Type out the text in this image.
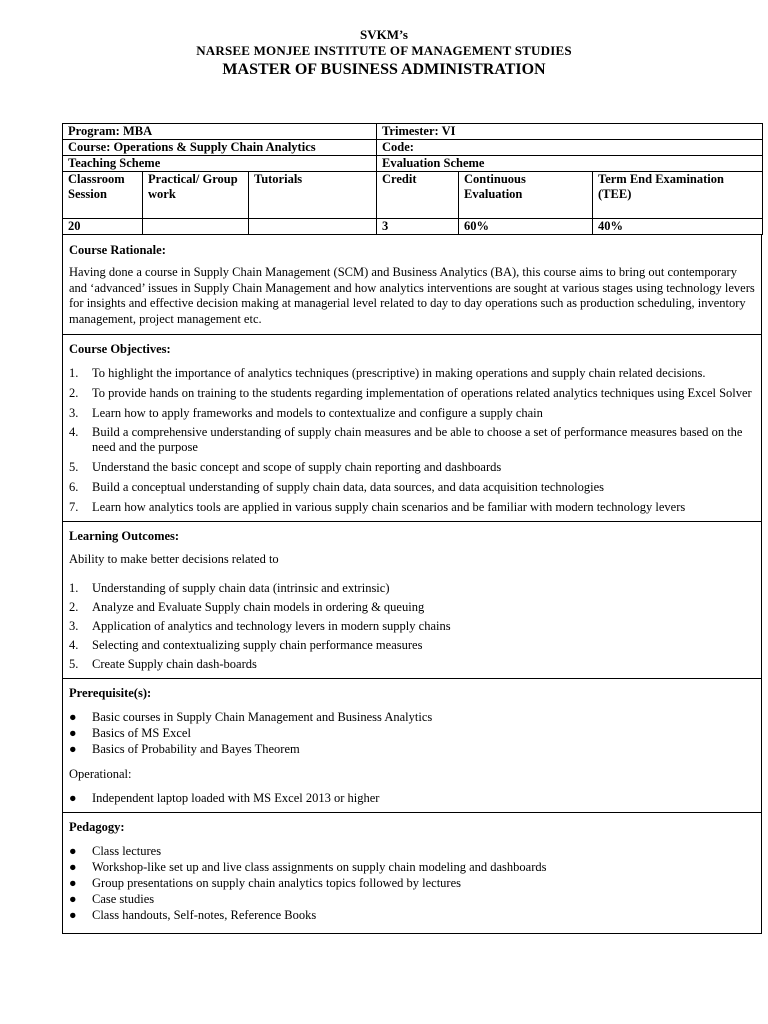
SVKM’s
NARSEE MONJEE INSTITUTE OF MANAGEMENT STUDIES
MASTER OF BUSINESS ADMINISTRATION
Program: MBA			Trimester: VI		
Course: Operations & Supply Chain Analytics			Code:		
Teaching Scheme			Evaluation Scheme		
Classroom Session	Practical/ Group work	Tutorials	Credit	Continuous Evaluation	Term End Examination (TEE)
20			3	60%	40%
Course Rationale:
Having done a course in Supply Chain Management (SCM) and Business Analytics (BA), this course aims to bring out contemporary and ‘advanced’ issues in Supply Chain Management and how analytics interventions are sought at various stages using technology levers for insights and effective decision making at managerial level related to day to day operations such as production scheduling, inventory management, project management etc.
Course Objectives:
1. To highlight the importance of analytics techniques (prescriptive) in making operations and supply chain related decisions.
2. To provide hands on training to the students regarding implementation of operations related analytics techniques using Excel Solver
3. Learn how to apply frameworks and models to contextualize and configure a supply chain
4. Build a comprehensive understanding of supply chain measures and be able to choose a set of performance measures based on the need and the purpose
5. Understand the basic concept and scope of supply chain reporting and dashboards
6. Build a conceptual understanding of supply chain data, data sources, and data acquisition technologies
7. Learn how analytics tools are applied in various supply chain scenarios and be familiar with modern technology levers
Learning Outcomes:
Ability to make better decisions related to
1. Understanding of supply chain data (intrinsic and extrinsic)
2. Analyze and Evaluate Supply chain models in ordering & queuing
3. Application of analytics and technology levers in modern supply chains
4. Selecting and contextualizing supply chain performance measures
5. Create Supply chain dash-boards
Prerequisite(s):
● Basic courses in Supply Chain Management and Business Analytics
● Basics of MS Excel
● Basics of Probability and Bayes Theorem
Operational:
● Independent laptop loaded with MS Excel 2013 or higher
Pedagogy:
● Class lectures
● Workshop-like set up and live class assignments on supply chain modeling and dashboards
● Group presentations on supply chain analytics topics followed by lectures
● Case studies
● Class handouts, Self-notes, Reference Books
